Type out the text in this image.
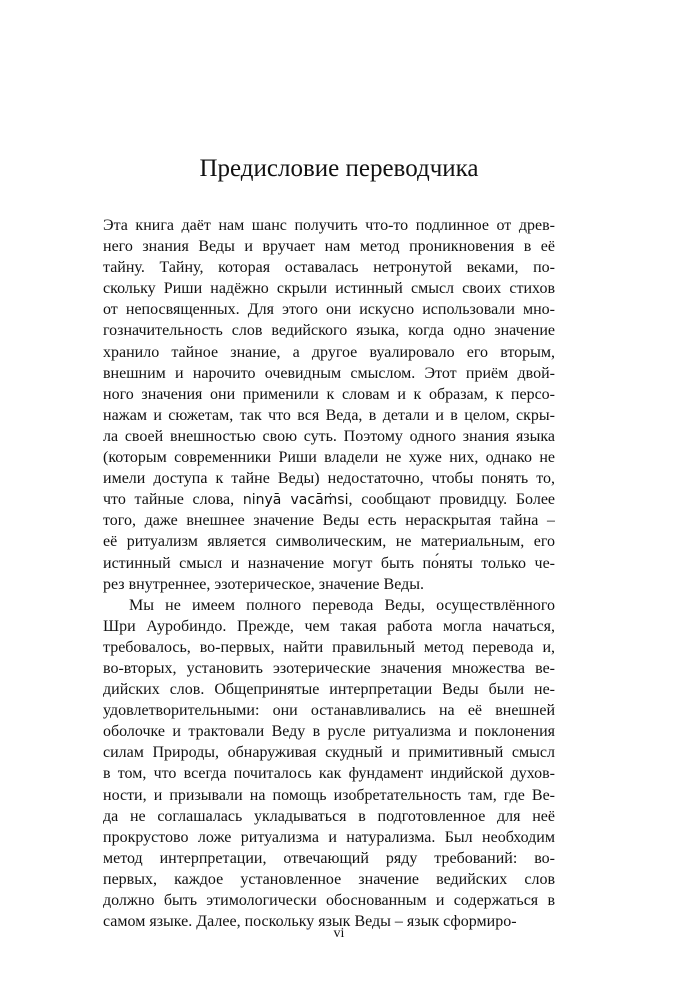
Предисловие переводчика
Эта книга даёт нам шанс получить что-то подлинное от древ-
него знания Веды и вручает нам метод проникновения в её
тайну. Тайну, которая оставалась нетронутой веками, по-
скольку Риши надёжно скрыли истинный смысл своих стихов
от непосвященных. Для этого они искусно использовали мно-
гозначительность слов ведийского языка, когда одно значение
хранило тайное знание, а другое вуалировало его вторым,
внешним и нарочито очевидным смыслом. Этот приём двой-
ного значения они применили к словам и к образам, к персо-
нажам и сюжетам, так что вся Веда, в детали и в целом, скры-
ла своей внешностью свою суть. Поэтому одного знания языка
(которым современники Риши владели не хуже них, однако не
имели доступа к тайне Веды) недостаточно, чтобы понять то,
что тайные слова, ninyā vacāṁsi, сообщают провидцу. Более
того, даже внешнее значение Веды есть нераскрытая тайна –
её ритуализм является символическим, не материальным, его
истинный смысл и назначение могут быть по́няты только че-
рез внутреннее, эзотерическое, значение Веды.
Мы не имеем полного перевода Веды, осуществлённого
Шри Ауробиндо. Прежде, чем такая работа могла начаться,
требовалось, во-первых, найти правильный метод перевода и,
во-вторых, установить эзотерические значения множества ве-
дийских слов. Общепринятые интерпретации Веды были не-
удовлетворительными: они останавливались на её внешней
оболочке и трактовали Веду в русле ритуализма и поклонения
силам Природы, обнаруживая скудный и примитивный смысл
в том, что всегда почиталось как фундамент индийской духов-
ности, и призывали на помощь изобретательность там, где Ве-
да не соглашалась укладываться в подготовленное для неё
прокрустово ложе ритуализма и натурализма. Был необходим
метод интерпретации, отвечающий ряду требований: во-
первых, каждое установленное значение ведийских слов
должно быть этимологически обоснованным и содержаться в
самом языке. Далее, поскольку язык Веды – язык сформиро-
vi
